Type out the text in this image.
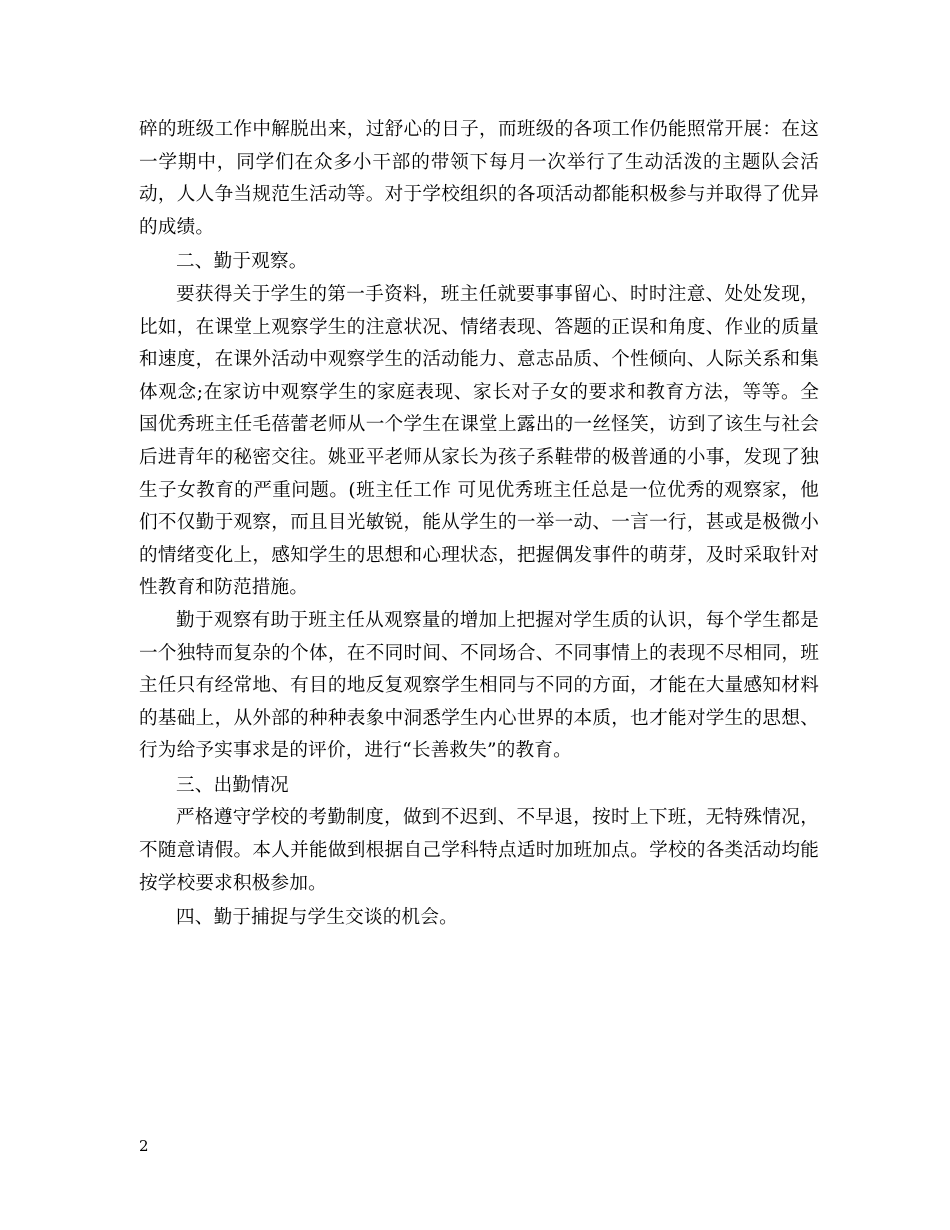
碎的班级工作中解脱出来，过舒心的日子，而班级的各项工作仍能照常开展：在这一学期中，同学们在众多小干部的带领下每月一次举行了生动活泼的主题队会活动，人人争当规范生活动等。对于学校组织的各项活动都能积极参与并取得了优异的成绩。

二、勤于观察。

要获得关于学生的第一手资料，班主任就要事事留心、时时注意、处处发现，比如，在课堂上观察学生的注意状况、情绪表现、答题的正误和角度、作业的质量和速度，在课外活动中观察学生的活动能力、意志品质、个性倾向、人际关系和集体观念;在家访中观察学生的家庭表现、家长对子女的要求和教育方法，等等。全国优秀班主任毛蓓蕾老师从一个学生在课堂上露出的一丝怪笑，访到了该生与社会后进青年的秘密交往。姚亚平老师从家长为孩子系鞋带的极普通的小事，发现了独生子女教育的严重问题。(班主任工作 可见优秀班主任总是一位优秀的观察家，他们不仅勤于观察，而且目光敏锐，能从学生的一举一动、一言一行，甚或是极微小的情绪变化上，感知学生的思想和心理状态，把握偶发事件的萌芽，及时采取针对性教育和防范措施。

勤于观察有助于班主任从观察量的增加上把握对学生质的认识，每个学生都是一个独特而复杂的个体，在不同时间、不同场合、不同事情上的表现不尽相同，班主任只有经常地、有目的地反复观察学生相同与不同的方面，才能在大量感知材料的基础上，从外部的种种表象中洞悉学生内心世界的本质，也才能对学生的思想、行为给予实事求是的评价，进行“长善救失”的教育。

三、出勤情况

严格遵守学校的考勤制度，做到不迟到、不早退，按时上下班，无特殊情况，不随意请假。本人并能做到根据自己学科特点适时加班加点。学校的各类活动均能按学校要求积极参加。

四、勤于捕捉与学生交谈的机会。

2
